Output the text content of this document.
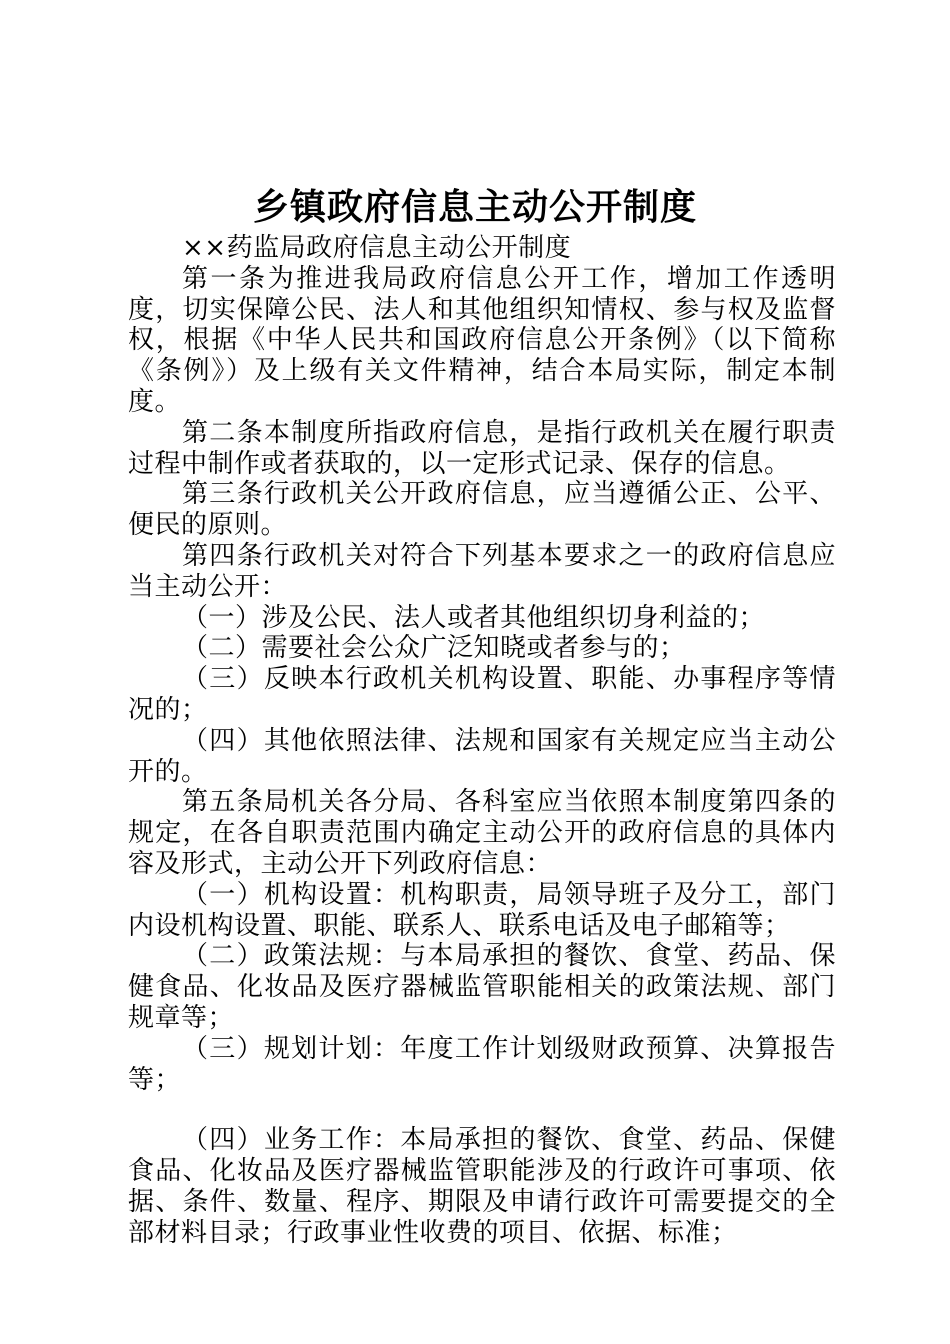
乡镇政府信息主动公开制度

××药监局政府信息主动公开制度

第一条为推进我局政府信息公开工作，增加工作透明度，切实保障公民、法人和其他组织知情权、参与权及监督权，根据《中华人民共和国政府信息公开条例》（以下简称《条例》）及上级有关文件精神，结合本局实际，制定本制度。

第二条本制度所指政府信息，是指行政机关在履行职责过程中制作或者获取的，以一定形式记录、保存的信息。

第三条行政机关公开政府信息，应当遵循公正、公平、便民的原则。

第四条行政机关对符合下列基本要求之一的政府信息应当主动公开：

（一）涉及公民、法人或者其他组织切身利益的；

（二）需要社会公众广泛知晓或者参与的；

（三）反映本行政机关机构设置、职能、办事程序等情况的；

（四）其他依照法律、法规和国家有关规定应当主动公开的。

第五条局机关各分局、各科室应当依照本制度第四条的规定，在各自职责范围内确定主动公开的政府信息的具体内容及形式，主动公开下列政府信息：

（一）机构设置：机构职责，局领导班子及分工，部门内设机构设置、职能、联系人、联系电话及电子邮箱等；

（二）政策法规：与本局承担的餐饮、食堂、药品、保健食品、化妆品及医疗器械监管职能相关的政策法规、部门规章等；

（三）规划计划：年度工作计划级财政预算、决算报告等；

（四）业务工作：本局承担的餐饮、食堂、药品、保健食品、化妆品及医疗器械监管职能涉及的行政许可事项、依据、条件、数量、程序、期限及申请行政许可需要提交的全部材料目录；行政事业性收费的项目、依据、标准；
